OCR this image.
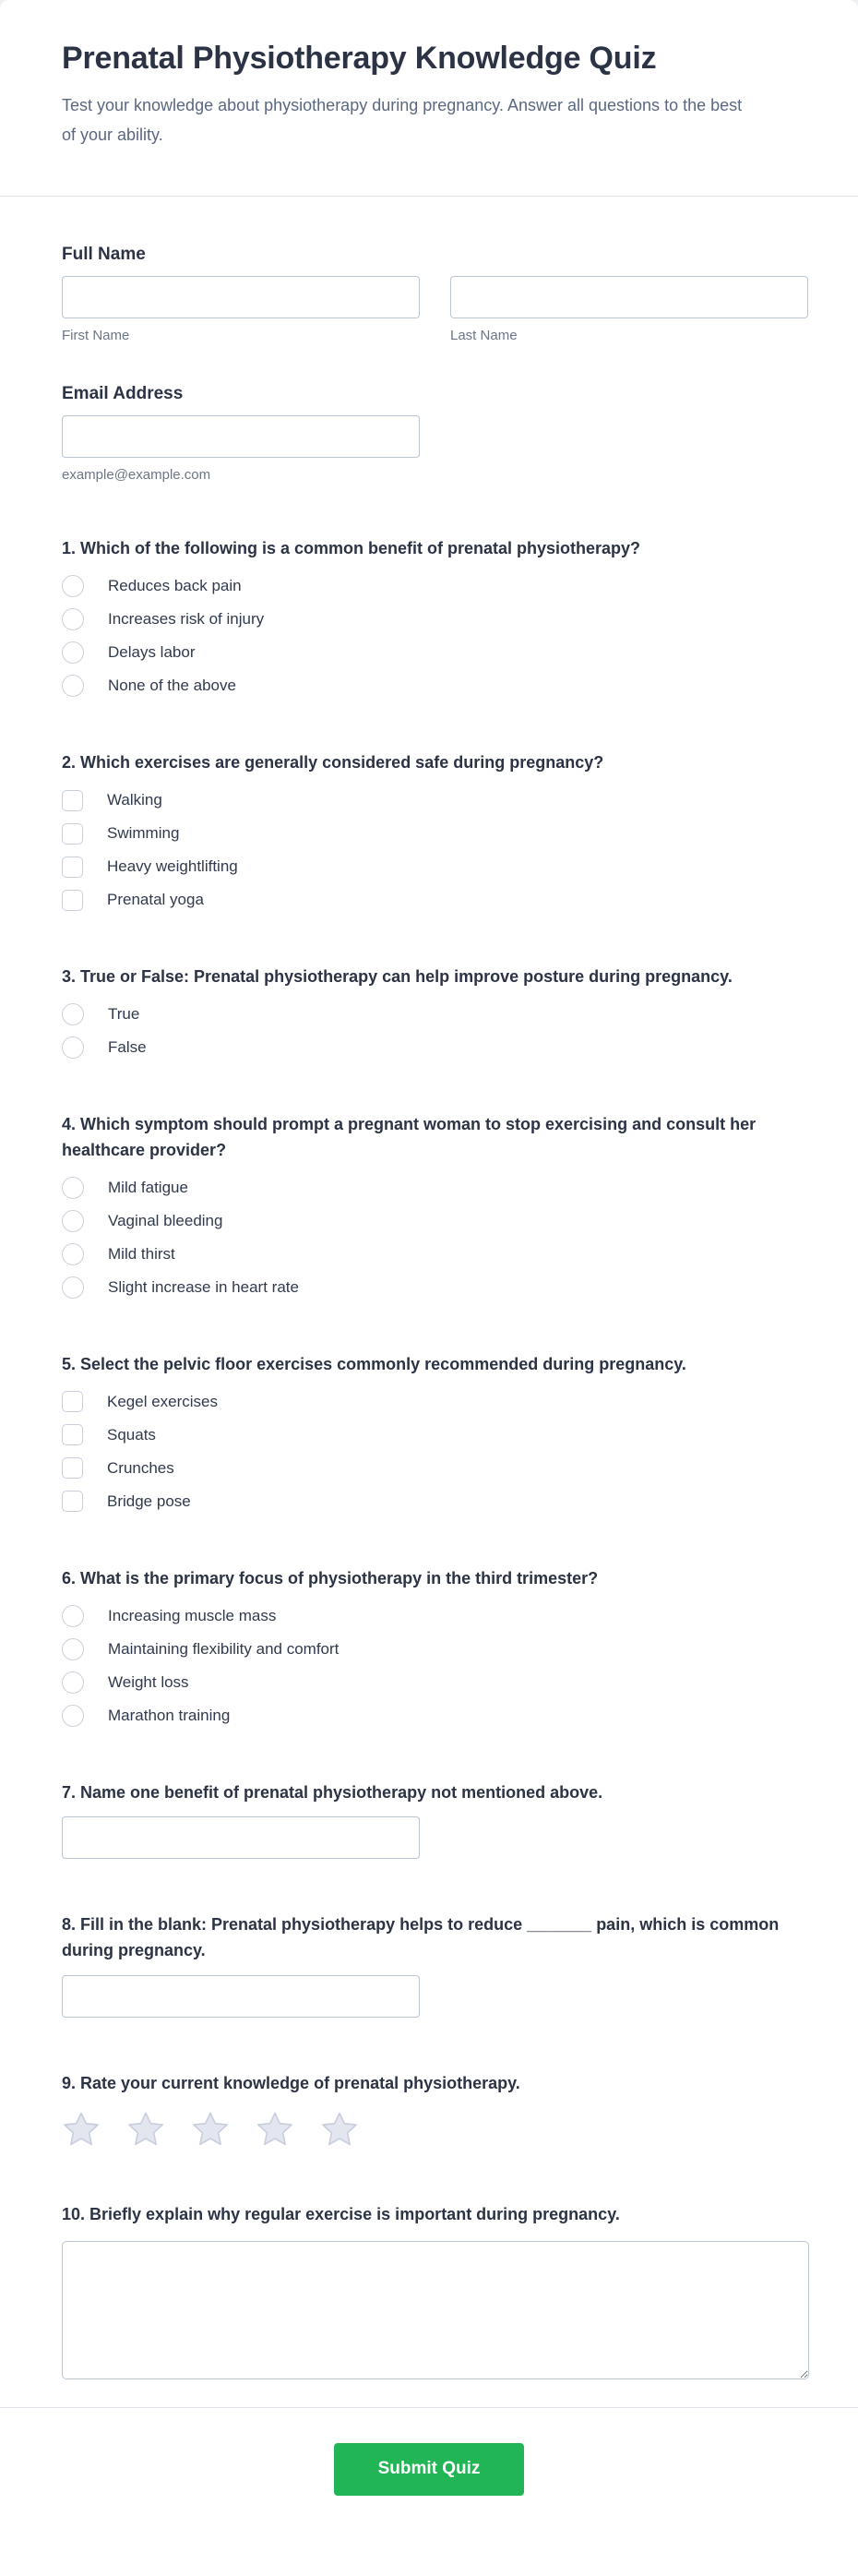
Prenatal Physiotherapy Knowledge Quiz

Test your knowledge about physiotherapy during pregnancy. Answer all questions to the best of your ability.

Full Name
First Name	Last Name
Email Address
example@example.com
1. Which of the following is a common benefit of prenatal physiotherapy?
Reduces back pain
Increases risk of injury
Delays labor
None of the above
2. Which exercises are generally considered safe during pregnancy?
Walking
Swimming
Heavy weightlifting
Prenatal yoga
3. True or False: Prenatal physiotherapy can help improve posture during pregnancy.
True
False
4. Which symptom should prompt a pregnant woman to stop exercising and consult her healthcare provider?
Mild fatigue
Vaginal bleeding
Mild thirst
Slight increase in heart rate
5. Select the pelvic floor exercises commonly recommended during pregnancy.
Kegel exercises
Squats
Crunches
Bridge pose
6. What is the primary focus of physiotherapy in the third trimester?
Increasing muscle mass
Maintaining flexibility and comfort
Weight loss
Marathon training
7. Name one benefit of prenatal physiotherapy not mentioned above.
8. Fill in the blank: Prenatal physiotherapy helps to reduce _______ pain, which is common during pregnancy.
9. Rate your current knowledge of prenatal physiotherapy.
10. Briefly explain why regular exercise is important during pregnancy.
Submit Quiz
